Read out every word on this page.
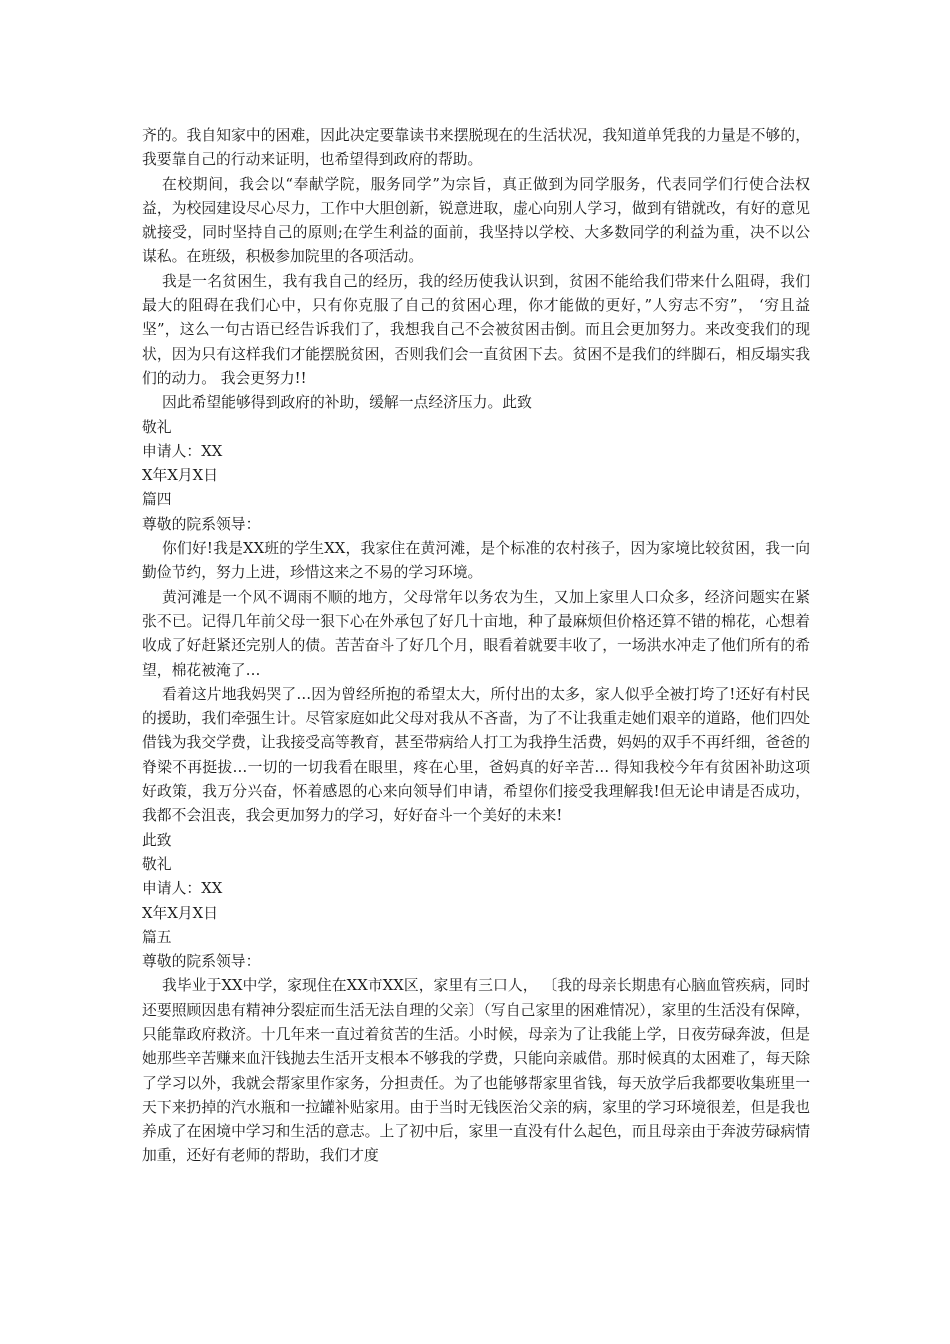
齐的。我自知家中的困难，因此决定要靠读书来摆脱现在的生活状况，我知道单凭我的力量是不够的，我要靠自己的行动来证明，也希望得到政府的帮助。

在校期间，我会以“奉献学院，服务同学”为宗旨，真正做到为同学服务，代表同学们行使合法权益，为校园建设尽心尽力，工作中大胆创新，锐意进取，虚心向别人学习，做到有错就改，有好的意见就接受，同时坚持自己的原则;在学生利益的面前，我坚持以学校、大多数同学的利益为重，决不以公谋私。在班级，积极参加院里的各项活动。

我是一名贫困生，我有我自己的经历，我的经历使我认识到，贫困不能给我们带来什么阻碍，我们最大的阻碍在我们心中，只有你克服了自己的贫困心理，你才能做的更好，”人穷志不穷”， ‘穷且益坚”，这么一句古语已经告诉我们了，我想我自己不会被贫困击倒。而且会更加努力。来改变我们的现状，因为只有这样我们才能摆脱贫困，否则我们会一直贫困下去。贫困不是我们的绊脚石，相反塌实我们的动力。 我会更努力!!

因此希望能够得到政府的补助，缓解一点经济压力。此致

敬礼

申请人：XX

X年X月X日

篇四

尊敬的院系领导：

你们好!我是XX班的学生XX，我家住在黄河滩，是个标准的农村孩子，因为家境比较贫困，我一向勤俭节约，努力上进，珍惜这来之不易的学习环境。

黄河滩是一个风不调雨不顺的地方，父母常年以务农为生，又加上家里人口众多，经济问题实在紧张不已。记得几年前父母一狠下心在外承包了好几十亩地，种了最麻烦但价格还算不错的棉花，心想着收成了好赶紧还完别人的债。苦苦奋斗了好几个月，眼看着就要丰收了，一场洪水冲走了他们所有的希望，棉花被淹了…

看着这片地我妈哭了…因为曾经所抱的希望太大，所付出的太多，家人似乎全被打垮了!还好有村民的援助，我们牵强生计。尽管家庭如此父母对我从不吝啬，为了不让我重走她们艰辛的道路，他们四处借钱为我交学费，让我接受高等教育，甚至带病给人打工为我挣生活费，妈妈的双手不再纤细，爸爸的脊梁不再挺拔…一切的一切我看在眼里，疼在心里，爸妈真的好辛苦… 得知我校今年有贫困补助这项好政策，我万分兴奋，怀着感恩的心来向领导们申请，希望你们接受我理解我!但无论申请是否成功，我都不会沮丧，我会更加努力的学习，好好奋斗一个美好的未来!

此致

敬礼

申请人：XX

X年X月X日

篇五

尊敬的院系领导：

我毕业于XX中学，家现住在XX市XX区，家里有三口人， 〔我的母亲长期患有心脑血管疾病，同时还要照顾因患有精神分裂症而生活无法自理的父亲〕（写自己家里的困难情况），家里的生活没有保障，只能靠政府救济。十几年来一直过着贫苦的生活。小时候，母亲为了让我能上学，日夜劳碌奔波，但是她那些辛苦赚来血汗钱抛去生活开支根本不够我的学费，只能向亲戚借。那时候真的太困难了，每天除了学习以外，我就会帮家里作家务，分担责任。为了也能够帮家里省钱，每天放学后我都要收集班里一天下来扔掉的汽水瓶和一拉罐补贴家用。由于当时无钱医治父亲的病，家里的学习环境很差，但是我也养成了在困境中学习和生活的意志。上了初中后，家里一直没有什么起色，而且母亲由于奔波劳碌病情加重，还好有老师的帮助，我们才度
